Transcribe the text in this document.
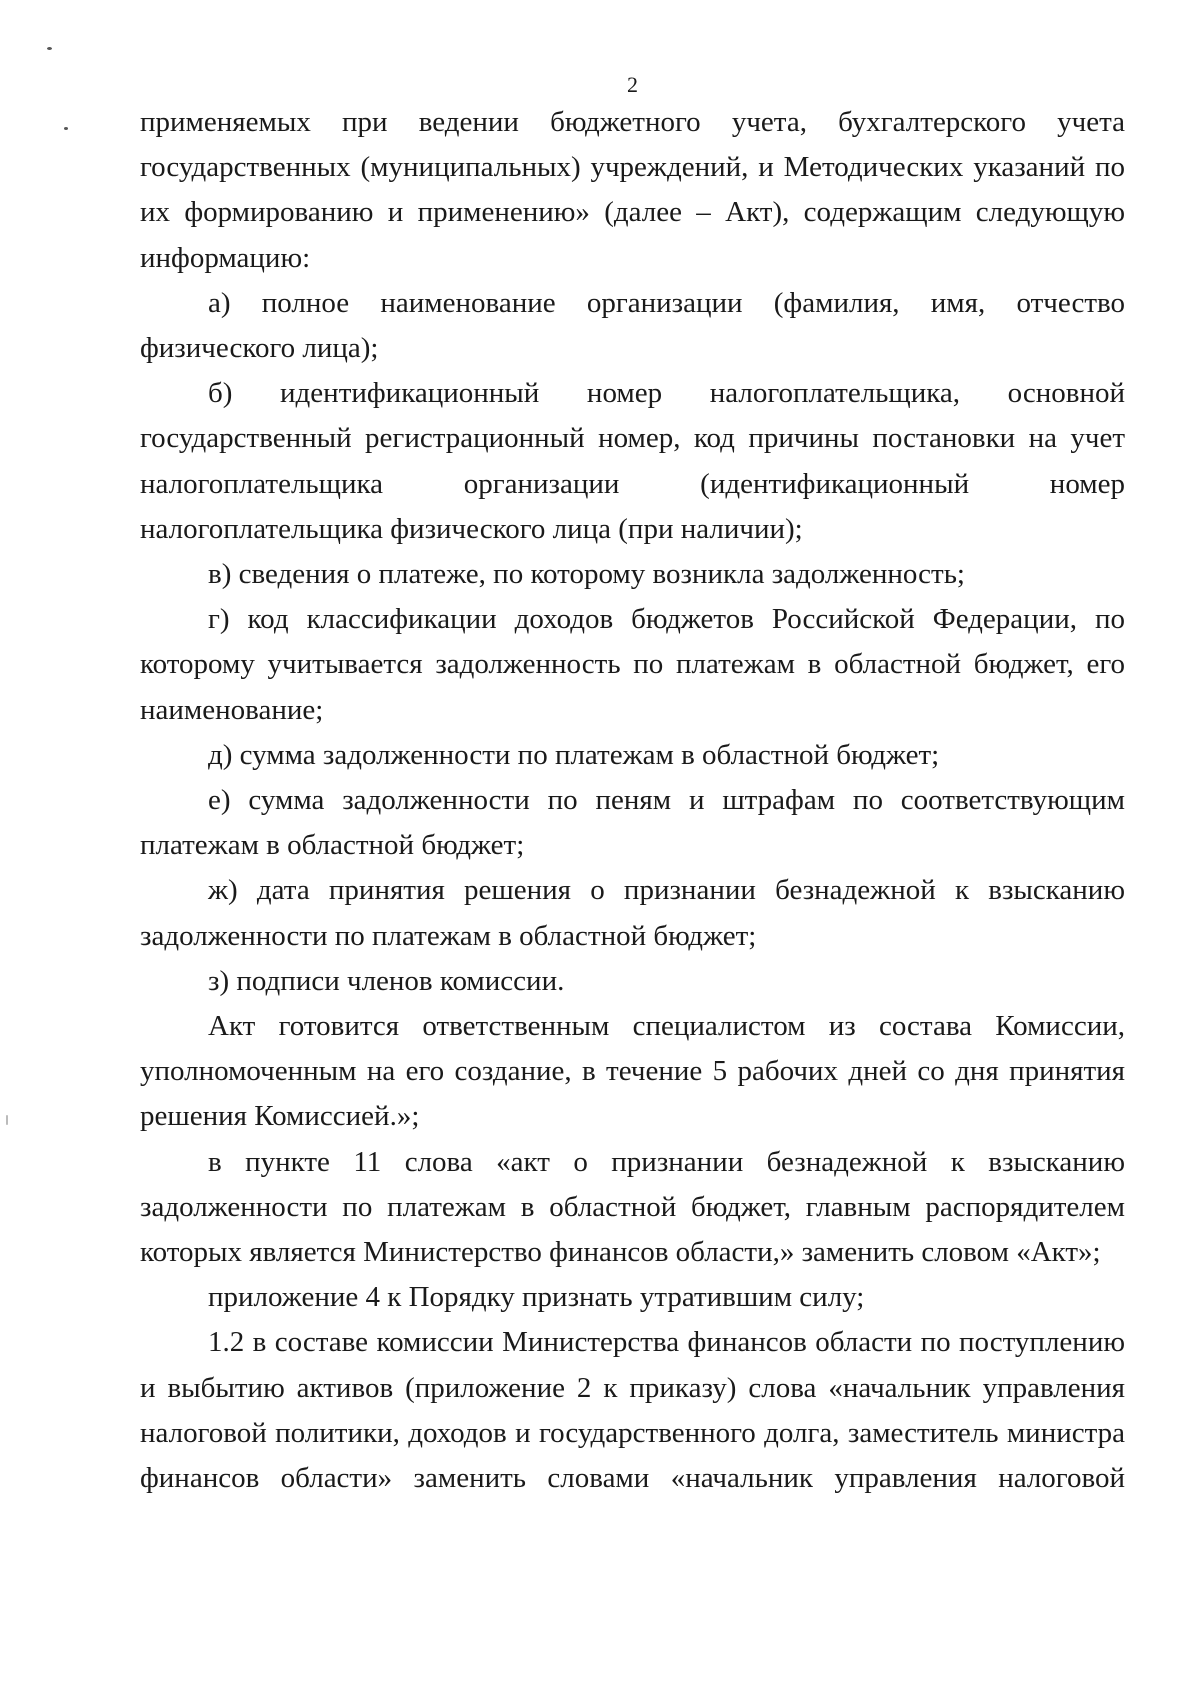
2

применяемых при ведении бюджетного учета, бухгалтерского учета государственных (муниципальных) учреждений, и Методических указаний по их формированию и применению» (далее – Акт), содержащим следующую информацию:

а) полное наименование организации (фамилия, имя, отчество физического лица);

б) идентификационный номер налогоплательщика, основной государственный регистрационный номер, код причины постановки на учет налогоплательщика организации (идентификационный номер налогоплательщика физического лица (при наличии);

в) сведения о платеже, по которому возникла задолженность;

г) код классификации доходов бюджетов Российской Федерации, по которому учитывается задолженность по платежам в областной бюджет, его наименование;

д) сумма задолженности по платежам в областной бюджет;

е) сумма задолженности по пеням и штрафам по соответствующим платежам в областной бюджет;

ж) дата принятия решения о признании безнадежной к взысканию задолженности по платежам в областной бюджет;

з) подписи членов комиссии.

Акт готовится ответственным специалистом из состава Комиссии, уполномоченным на его создание, в течение 5 рабочих дней со дня принятия решения Комиссией.»;

в пункте 11 слова «акт о признании безнадежной к взысканию задолженности по платежам в областной бюджет, главным распорядителем которых является Министерство финансов области,» заменить словом «Акт»;

приложение 4 к Порядку признать утратившим силу;

1.2 в составе комиссии Министерства финансов области по поступлению и выбытию активов (приложение 2 к приказу) слова «начальник управления налоговой политики, доходов и государственного долга, заместитель министра финансов области» заменить словами «начальник управления налоговой
